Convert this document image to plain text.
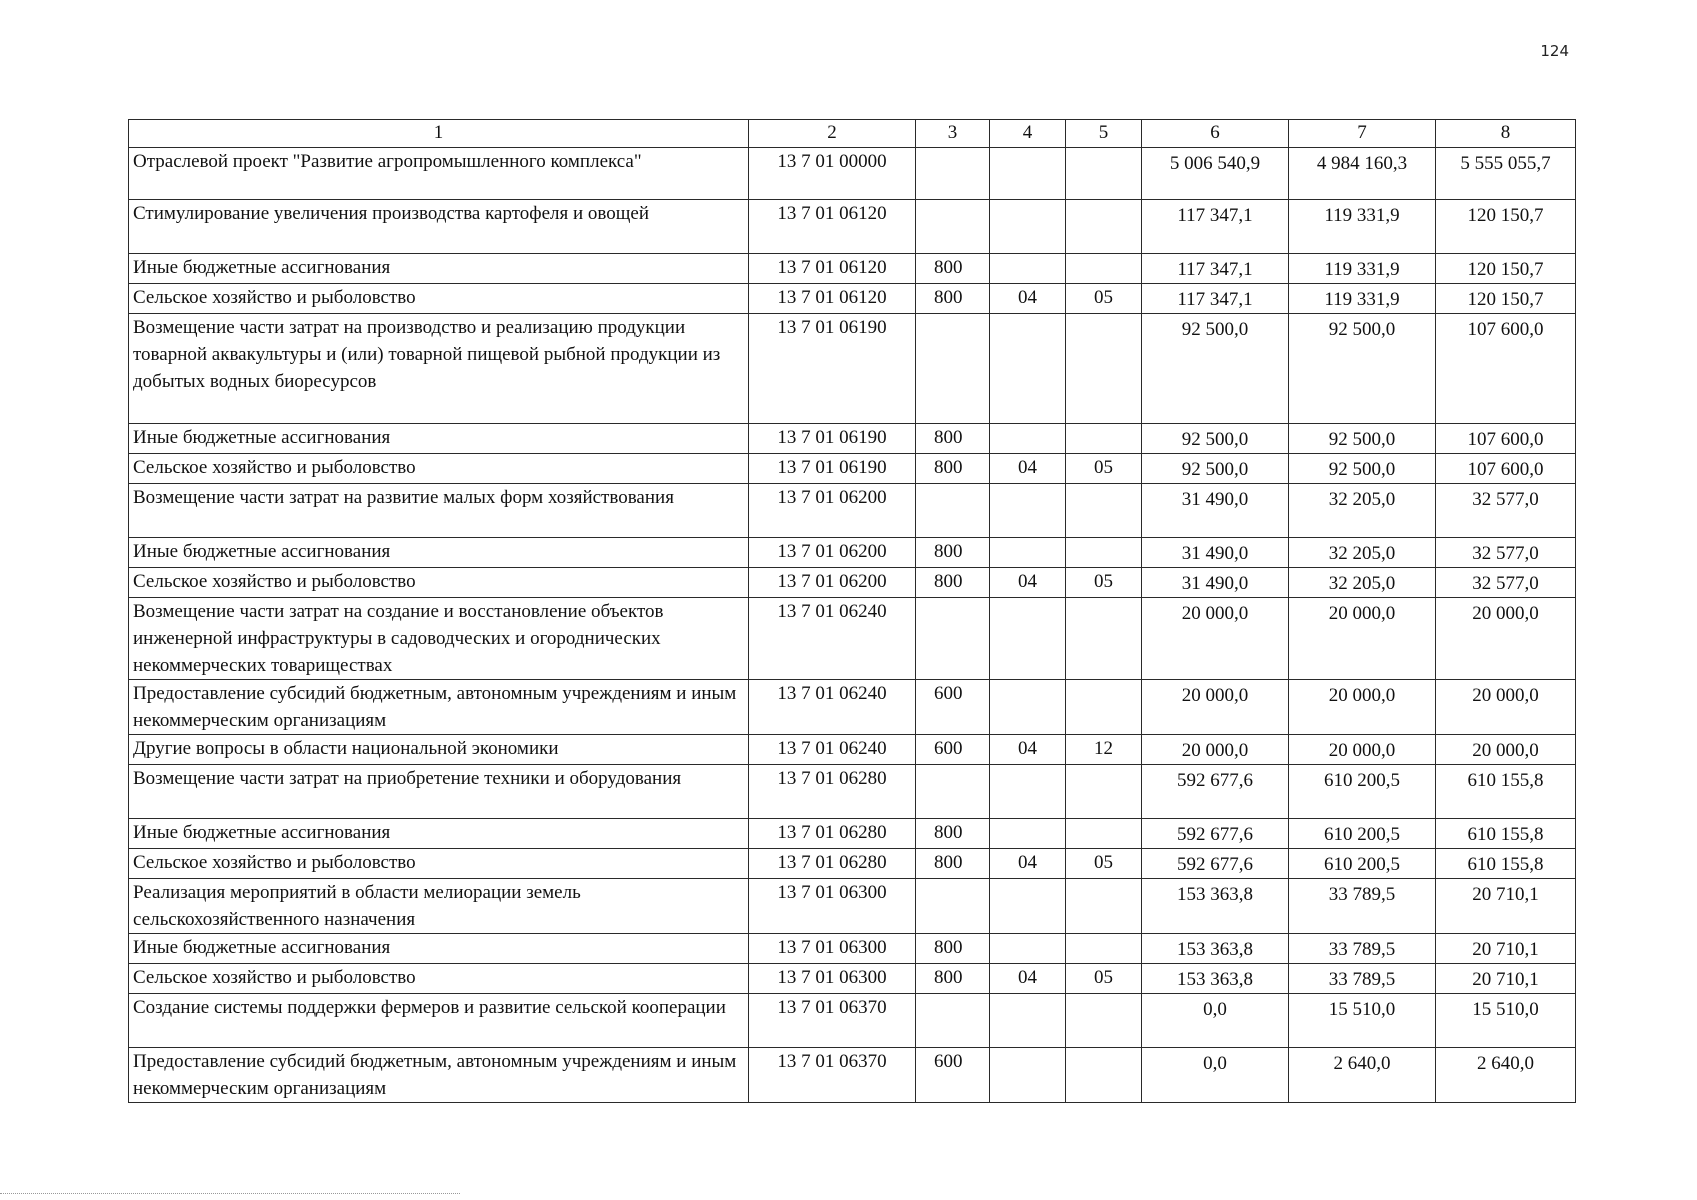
124
1	2	3	4	5	6	7	8
Отраслевой проект "Развитие агропромышленного комплекса"	13 7 01 00000				5 006 540,9	4 984 160,3	5 555 055,7
Стимулирование увеличения производства картофеля и овощей	13 7 01 06120				117 347,1	119 331,9	120 150,7
Иные бюджетные ассигнования	13 7 01 06120	800			117 347,1	119 331,9	120 150,7
Сельское хозяйство и рыболовство	13 7 01 06120	800	04	05	117 347,1	119 331,9	120 150,7
Возмещение части затрат на производство и реализацию продукции товарной аквакультуры и (или) товарной пищевой рыбной продукции из добытых водных биоресурсов	13 7 01 06190				92 500,0	92 500,0	107 600,0
Иные бюджетные ассигнования	13 7 01 06190	800			92 500,0	92 500,0	107 600,0
Сельское хозяйство и рыболовство	13 7 01 06190	800	04	05	92 500,0	92 500,0	107 600,0
Возмещение части затрат на развитие малых форм хозяйствования	13 7 01 06200				31 490,0	32 205,0	32 577,0
Иные бюджетные ассигнования	13 7 01 06200	800			31 490,0	32 205,0	32 577,0
Сельское хозяйство и рыболовство	13 7 01 06200	800	04	05	31 490,0	32 205,0	32 577,0
Возмещение части затрат на создание и восстановление объектов инженерной инфраструктуры в садоводческих и огороднических некоммерческих товариществах	13 7 01 06240				20 000,0	20 000,0	20 000,0
Предоставление субсидий бюджетным, автономным учреждениям и иным некоммерческим организациям	13 7 01 06240	600			20 000,0	20 000,0	20 000,0
Другие вопросы в области национальной экономики	13 7 01 06240	600	04	12	20 000,0	20 000,0	20 000,0
Возмещение части затрат на приобретение техники и оборудования	13 7 01 06280				592 677,6	610 200,5	610 155,8
Иные бюджетные ассигнования	13 7 01 06280	800			592 677,6	610 200,5	610 155,8
Сельское хозяйство и рыболовство	13 7 01 06280	800	04	05	592 677,6	610 200,5	610 155,8
Реализация мероприятий в области мелиорации земель сельскохозяйственного назначения	13 7 01 06300				153 363,8	33 789,5	20 710,1
Иные бюджетные ассигнования	13 7 01 06300	800			153 363,8	33 789,5	20 710,1
Сельское хозяйство и рыболовство	13 7 01 06300	800	04	05	153 363,8	33 789,5	20 710,1
Создание системы поддержки фермеров и развитие сельской кооперации	13 7 01 06370				0,0	15 510,0	15 510,0
Предоставление субсидий бюджетным, автономным учреждениям и иным некоммерческим организациям	13 7 01 06370	600			0,0	2 640,0	2 640,0
